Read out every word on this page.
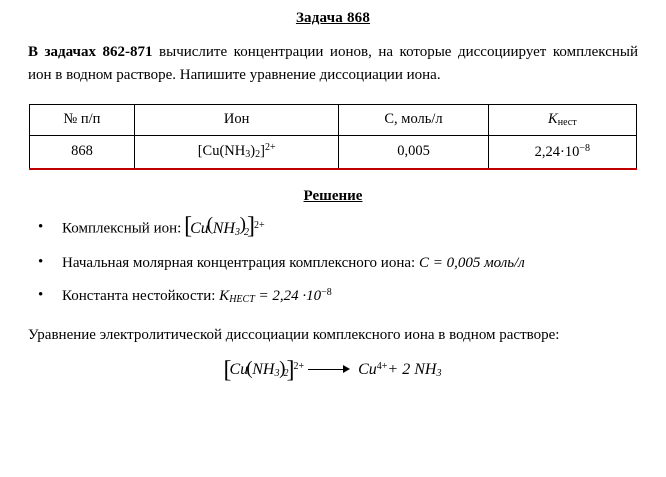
Задача 868
В задачах 862-871 вычислите концентрации ионов, на которые диссоциирует комплексный ион в водном растворе. Напишите уравнение диссоциации иона.
№ п/п	Ион	C, моль/л	$K_{нест}$
868	$[Cu(NH_3)_2]^{2+}$	0,005	$2,24\cdot 10^{-8}$
Решение
• Комплексный ион: [ Cu ( $NH_3$ ) $_2$ ]$^{2+}$
• Начальная молярная концентрация комплексного иона: C = 0,005 моль/л
• Константа нестойкости: $K_{НЕСТ} = 2,24 \cdot 10^{-8}$
Уравнение электролитической диссоциации комплексного иона в водном растворе:
[ Cu ( $NH_3$ ) $_2$ ]$^{2+}$	$Cu^{4+}+ 2$ $NH_3$
